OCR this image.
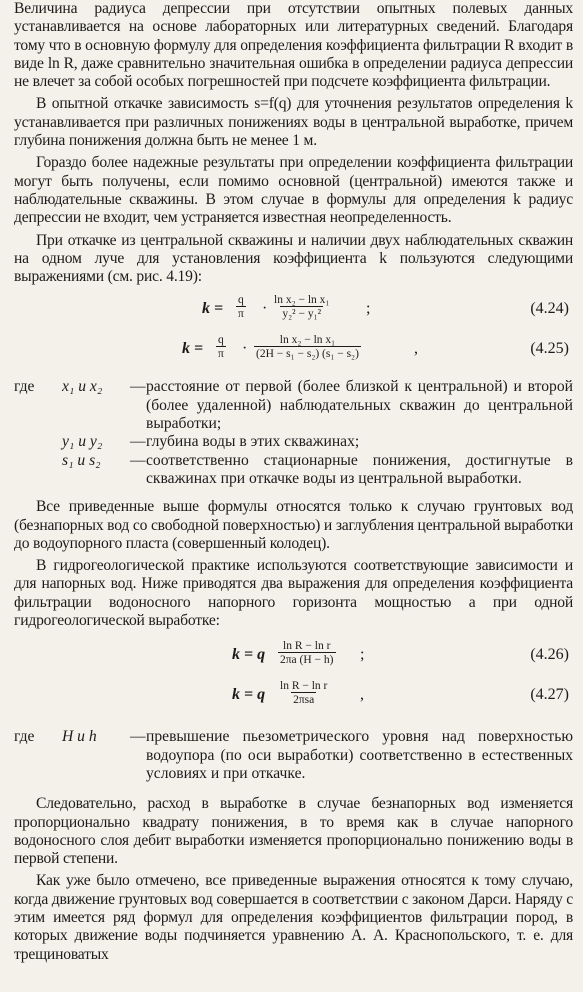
Величина радиуса депрессии при отсутствии опытных полевых данных устанавливается на основе лабораторных или литературных сведений. Благодаря тому что в основную формулу для определения коэффициента фильтрации R входит в виде ln R, даже сравнительно значительная ошибка в определении радиуса депрессии не влечет за собой особых погрешностей при подсчете коэффициента фильтрации.

В опытной откачке зависимость s=f(q) для уточнения результатов определения k устанавливается при различных понижениях воды в центральной выработке, причем глубина понижения должна быть не менее 1 м.

Гораздо более надежные результаты при определении коэффициента фильтрации могут быть получены, если помимо основной (центральной) имеются также и наблюдательные скважины. В этом случае в формулы для определения k радиус депрессии не входит, чем устраняется известная неопределенность.

При откачке из центральной скважины и наличии двух наблюдательных скважин на одном луче для установления коэффициента k пользуются следующими выражениями (см. рис. 4.19):

$k = \frac{q}{\pi} \cdot \frac{\text{ln x₂ − ln x₁}}{\text{y₂² − y₁²}}$ ;	(4.24)
$k = \frac{q}{\pi} \cdot \frac{\text{ln x₂ − ln x₁}}{\text{(2H − s₁ − s₂) (s₁ − s₂)}}$	,	(4.25)
где	x₁ и x₂	— расстояние от первой (более близкой к центральной) и второй (более удаленной) наблюдательных скважин до центральной выработки;
y₁ и y₂	— глубина воды в этих скважинах;
s₁ и s₂	— соответственно стационарные понижения, достигнутые в скважинах при откачке воды из центральной выработки.

Все приведенные выше формулы относятся только к случаю грунтовых вод (безнапорных вод со свободной поверхностью) и заглубления центральной выработки до водоупорного пласта (совершенный колодец).

В гидрогеологической практике используются соответствующие зависимости и для напорных вод. Ниже приводятся два выражения для определения коэффициента фильтрации водоносного напорного горизонта мощностью a при одной гидрогеологической выработке:

k = q $\frac{\text{ln R − ln r}}{2\pi a (H - h)}$ ;	(4.26)
k = q ln R − ln r
2πsa	,	(4.27)
где	H и h	— превышение пьезометрического уровня над поверхностью водоупора (по оси выработки) соответственно в естественных условиях и при откачке.

Следовательно, расход в выработке в случае безнапорных вод изменяется пропорционально квадрату понижения, в то время как в случае напорного водоносного слоя дебит выработки изменяется пропорционально понижению воды в первой степени.

Как уже было отмечено, все приведенные выражения относятся к тому случаю, когда движение грунтовых вод совершается в соответствии с законом Дарси. Наряду с этим имеется ряд формул для определения коэффициентов фильтрации пород, в которых движение воды подчиняется уравнению А. А. Краснопольского, т. е. для трещиноватых
